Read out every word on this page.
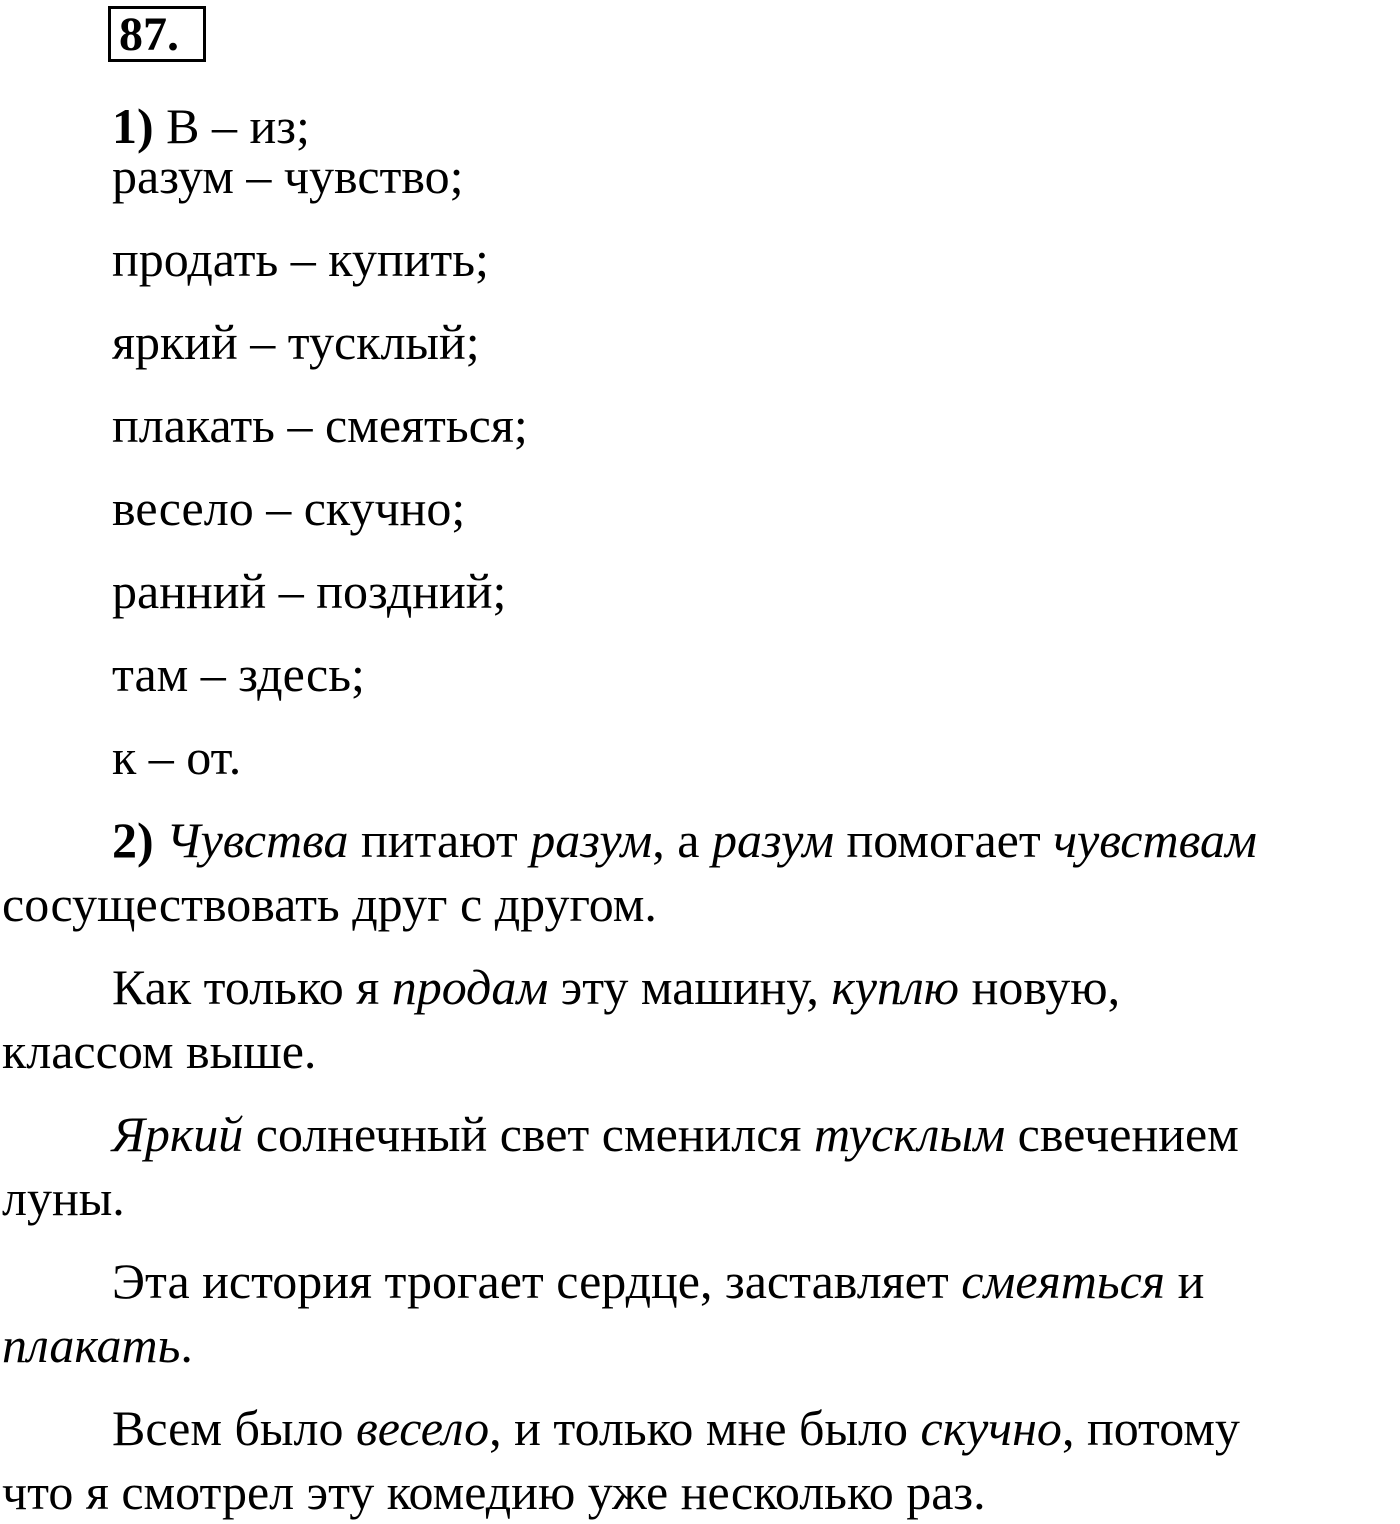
87.
1) В – из;
разум – чувство;
продать – купить;
яркий – тусклый;
плакать – смеяться;
весело – скучно;
ранний – поздний;
там – здесь;
к – от.
2) Чувства питают разум, а разум помогает чувствам
сосуществовать друг с другом.
Как только я продам эту машину, куплю новую,
классом выше.
Яркий солнечный свет сменился тусклым свечением
луны.
Эта история трогает сердце, заставляет смеяться и
плакать.
Всем было весело, и только мне было скучно, потому
что я смотрел эту комедию уже несколько раз.
